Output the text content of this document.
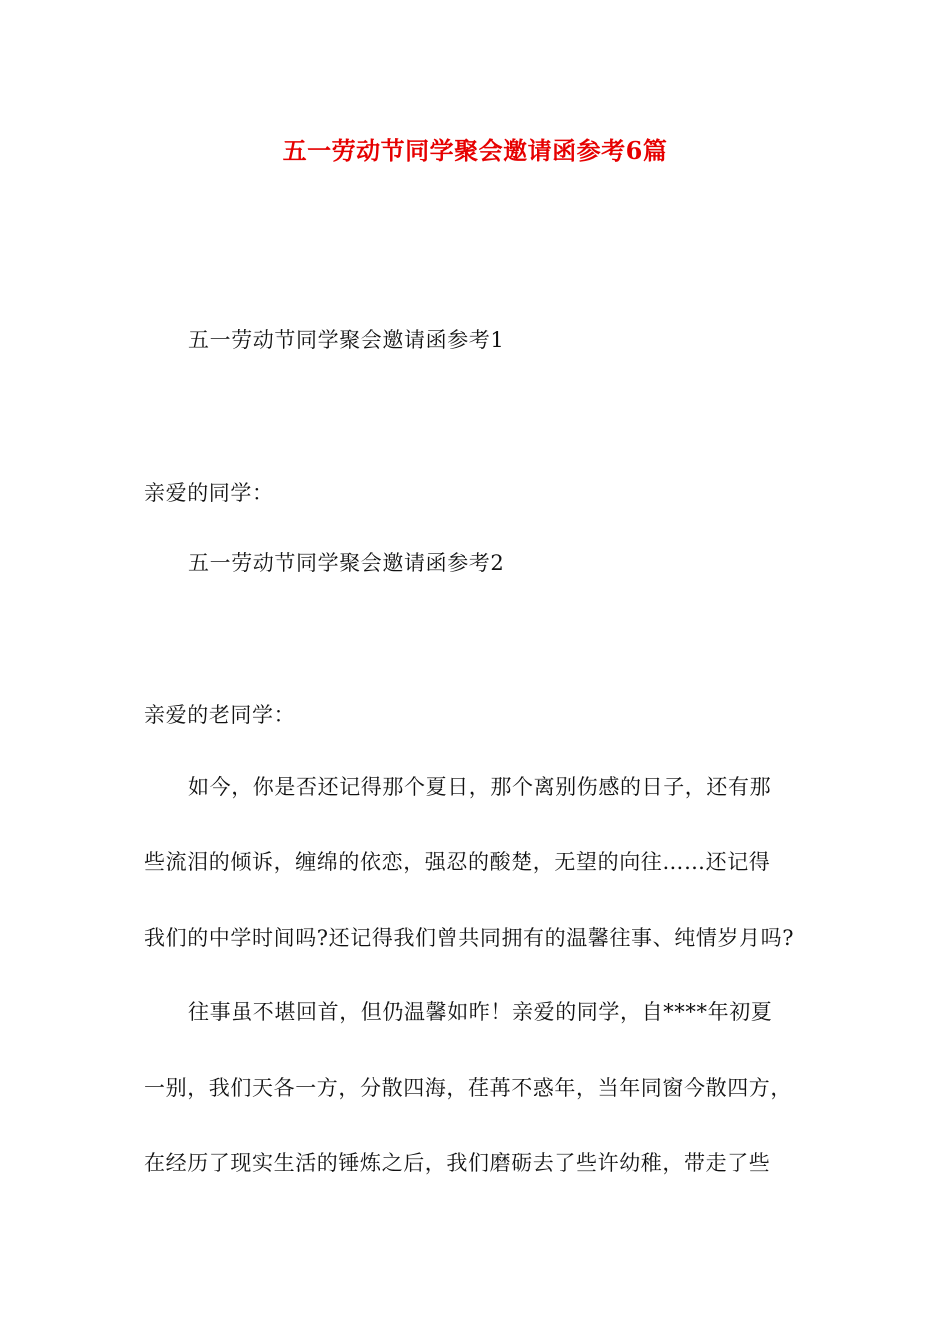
五一劳动节同学聚会邀请函参考6篇
五一劳动节同学聚会邀请函参考1
亲爱的同学：
五一劳动节同学聚会邀请函参考2
亲爱的老同学：
如今，你是否还记得那个夏日，那个离别伤感的日子，还有那
些流泪的倾诉，缠绵的依恋，强忍的酸楚，无望的向往……还记得
我们的中学时间吗?还记得我们曾共同拥有的温馨往事、纯情岁月吗?
往事虽不堪回首，但仍温馨如昨！亲爱的同学，自****年初夏
一别，我们天各一方，分散四海，荏苒不惑年，当年同窗今散四方，
在经历了现实生活的锤炼之后，我们磨砺去了些许幼稚，带走了些
